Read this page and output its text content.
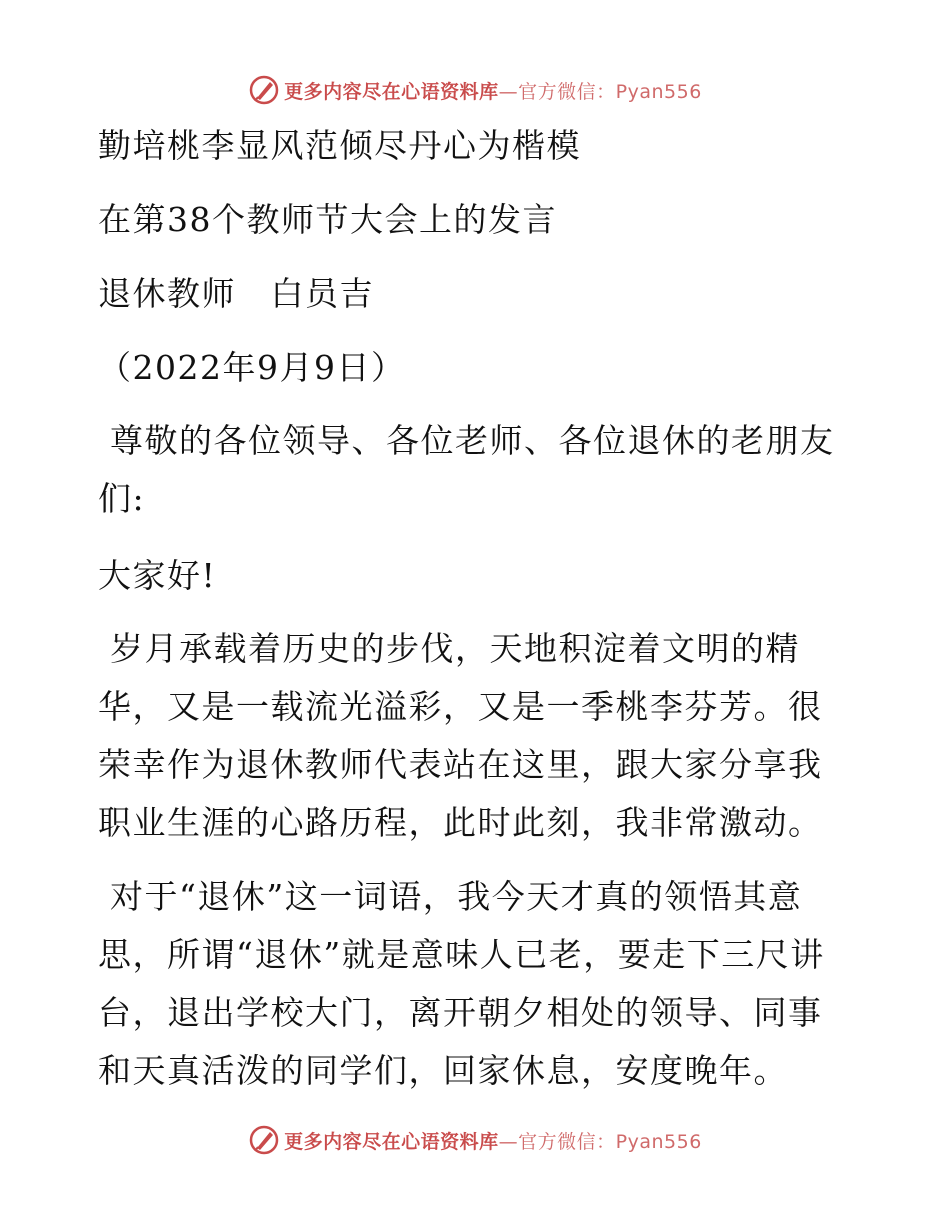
更多内容尽在心语资料库 —官方微信：Pyan556
勤培桃李显风范倾尽丹心为楷模
在第38个教师节大会上的发言
退休教师　白员吉
（2022年9月9日）
尊敬的各位领导、各位老师、各位退休的老朋友们:
大家好!
岁月承载着历史的步伐，天地积淀着文明的精华，又是一载流光溢彩，又是一季桃李芬芳。很荣幸作为退休教师代表站在这里，跟大家分享我职业生涯的心路历程，此时此刻，我非常激动。
对于“退休”这一词语，我今天才真的领悟其意思，所谓“退休”就是意味人已老，要走下三尺讲台，退出学校大门，离开朝夕相处的领导、同事和天真活泼的同学们，回家休息，安度晚年。
更多内容尽在心语资料库 —官方微信：Pyan556
